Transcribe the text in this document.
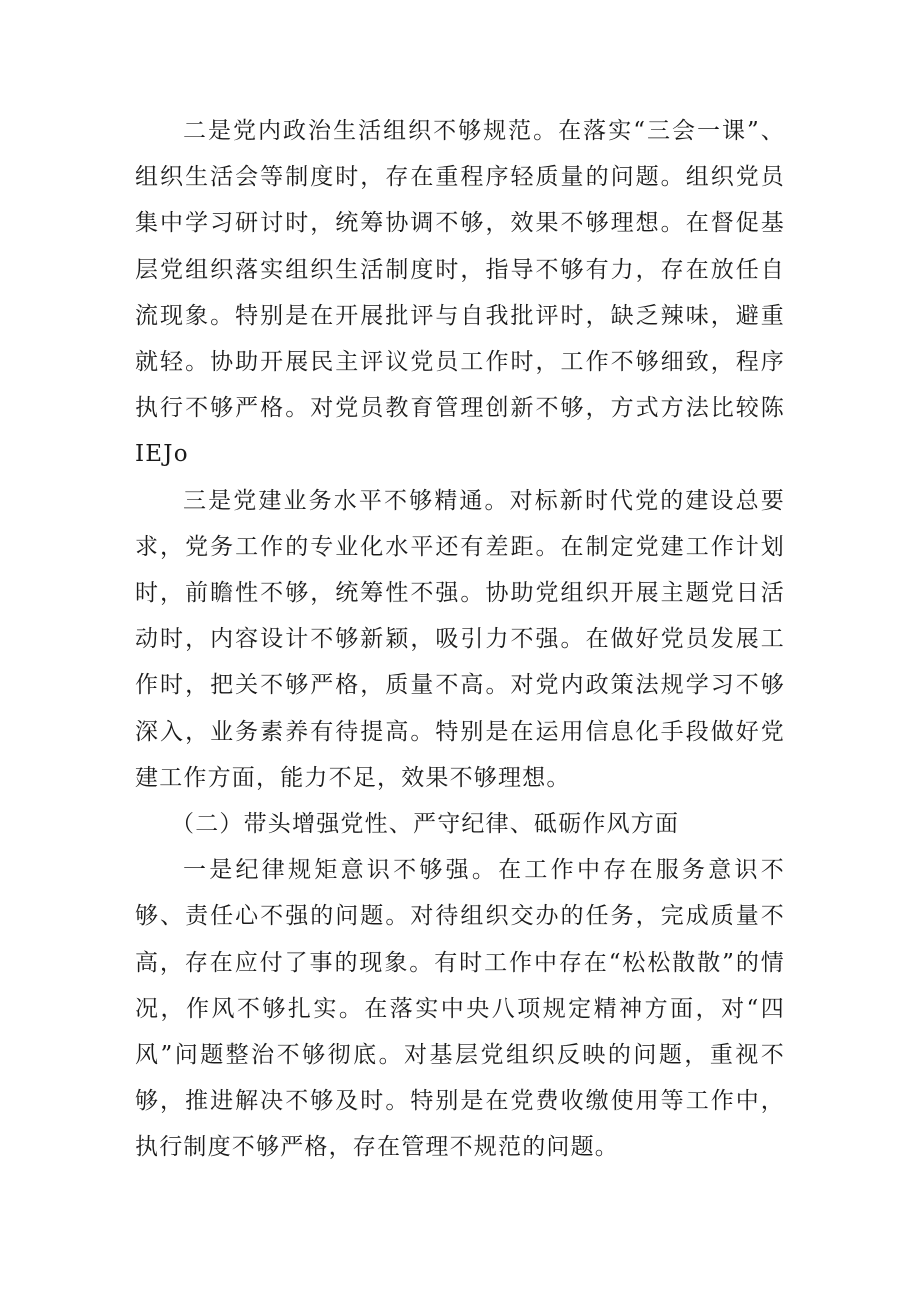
二是党内政治生活组织不够规范。在落实“三会一课”、组织生活会等制度时，存在重程序轻质量的问题。组织党员集中学习研讨时，统筹协调不够，效果不够理想。在督促基层党组织落实组织生活制度时，指导不够有力，存在放任自流现象。特别是在开展批评与自我批评时，缺乏辣味，避重就轻。协助开展民主评议党员工作时，工作不够细致，程序执行不够严格。对党员教育管理创新不够，方式方法比较陈IEJo

三是党建业务水平不够精通。对标新时代党的建设总要求，党务工作的专业化水平还有差距。在制定党建工作计划时，前瞻性不够，统筹性不强。协助党组织开展主题党日活动时，内容设计不够新颖，吸引力不强。在做好党员发展工作时，把关不够严格，质量不高。对党内政策法规学习不够深入，业务素养有待提高。特别是在运用信息化手段做好党建工作方面，能力不足，效果不够理想。

（二）带头增强党性、严守纪律、砥砺作风方面

一是纪律规矩意识不够强。在工作中存在服务意识不够、责任心不强的问题。对待组织交办的任务，完成质量不高，存在应付了事的现象。有时工作中存在“松松散散”的情况，作风不够扎实。在落实中央八项规定精神方面，对“四风”问题整治不够彻底。对基层党组织反映的问题，重视不够，推进解决不够及时。特别是在党费收缴使用等工作中，执行制度不够严格，存在管理不规范的问题。
